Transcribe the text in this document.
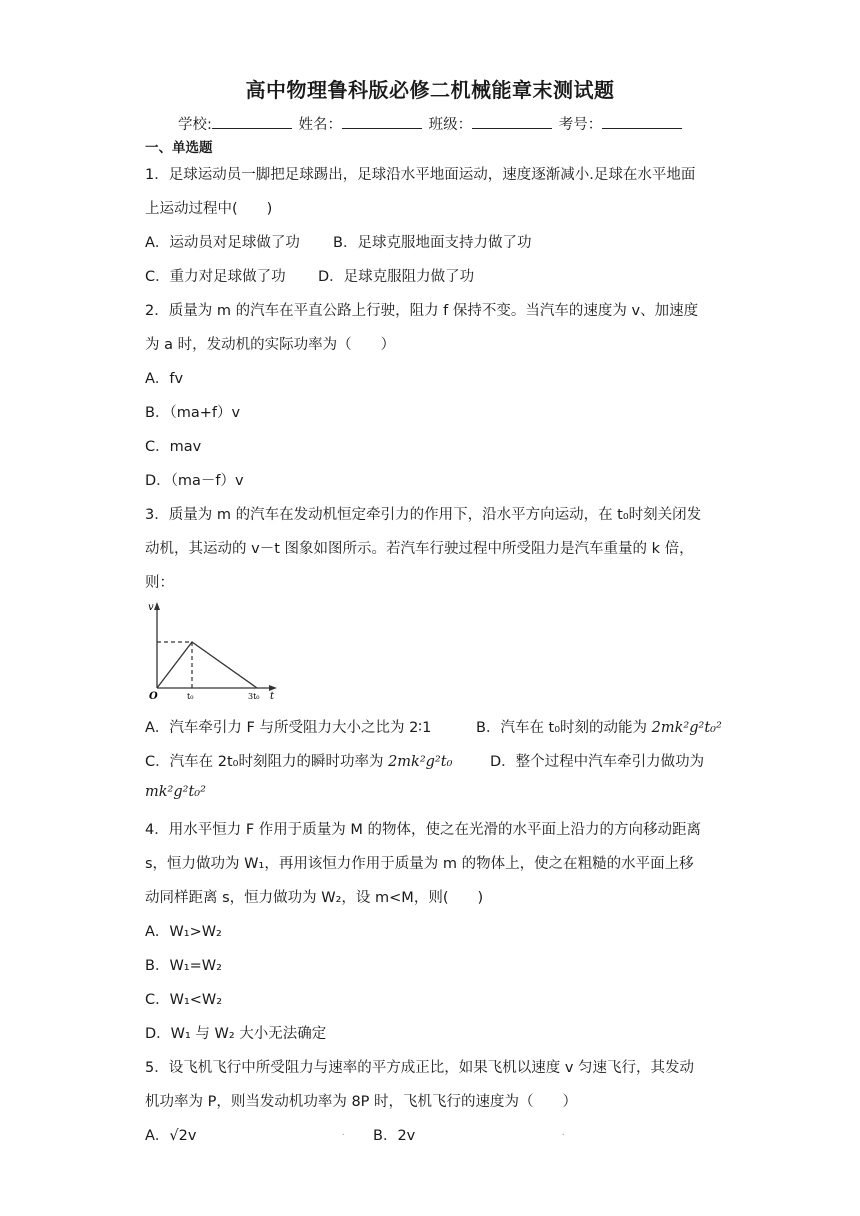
高中物理鲁科版必修二机械能章末测试题
学校:	姓名：	班级：	考号：
一、单选题
1．足球运动员一脚把足球踢出，足球沿水平地面运动，速度逐渐减小.足球在水平地面
上运动过程中(　　)
A．运动员对足球做了功 B．足球克服地面支持力做了功
C．重力对足球做了功 D．足球克服阻力做了功
2．质量为 m 的汽车在平直公路上行驶，阻力 f 保持不变。当汽车的速度为 v、加速度
为 a 时，发动机的实际功率为（　　）
A．fv
B．（ma+f）v
C．mav
D．（ma－f）v
3．质量为 m 的汽车在发动机恒定牵引力的作用下，沿水平方向运动，在 t₀时刻关闭发
动机，其运动的 v－t 图象如图所示。若汽车行驶过程中所受阻力是汽车重量的 k 倍，
则：
v
O	t₀	3t₀ t
A．汽车牵引力 F 与所受阻力大小之比为 2∶1	B．汽车在 t₀时刻的动能为 2mk²g²t₀²
C．汽车在 2t₀时刻阻力的瞬时功率为 2mk²g²t₀	D．整个过程中汽车牵引力做功为
mk²g²t₀²
4．用水平恒力 F 作用于质量为 M 的物体，使之在光滑的水平面上沿力的方向移动距离
s，恒力做功为 W₁，再用该恒力作用于质量为 m 的物体上，使之在粗糙的水平面上移
动同样距离 s，恒力做功为 W₂，设 m<M，则(　　)
A．W₁>W₂
B．W₁=W₂
C．W₁<W₂
D．W₁ 与 W₂ 大小无法确定
5．设飞机飞行中所受阻力与速率的平方成正比，如果飞机以速度 v 匀速飞行，其发动
机功率为 P，则当发动机功率为 8P 时，飞机飞行的速度为（　　）
A．√2v	B．2v
.	.
